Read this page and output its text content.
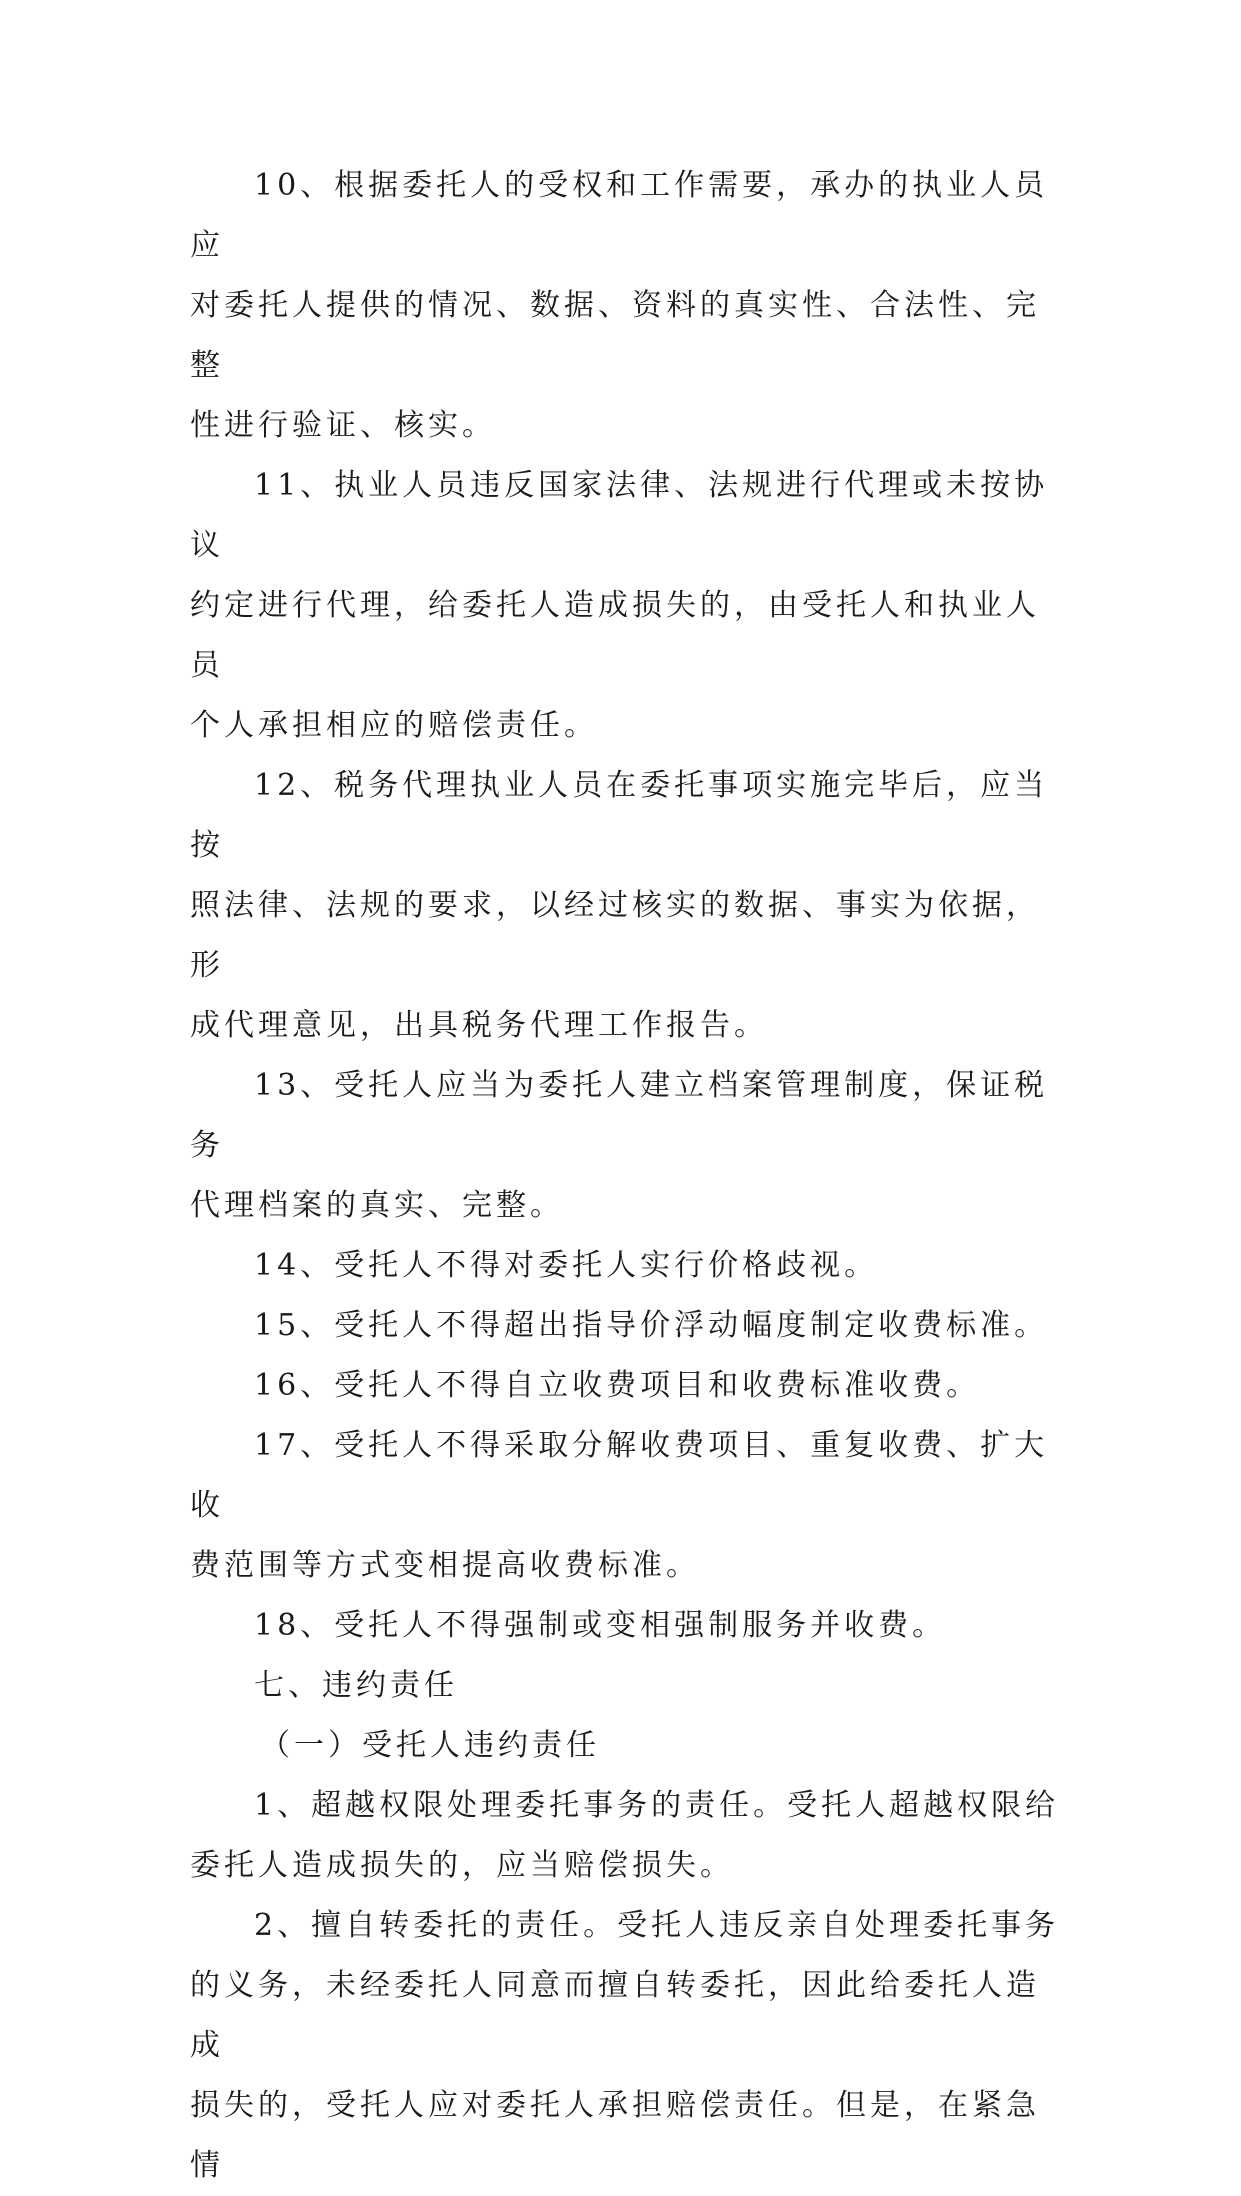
10、根据委托人的受权和工作需要，承办的执业人员应
对委托人提供的情况、数据、资料的真实性、合法性、完整
性进行验证、核实。

11、执业人员违反国家法律、法规进行代理或未按协议
约定进行代理，给委托人造成损失的，由受托人和执业人员
个人承担相应的赔偿责任。

12、税务代理执业人员在委托事项实施完毕后，应当按
照法律、法规的要求，以经过核实的数据、事实为依据，形
成代理意见，出具税务代理工作报告。

13、受托人应当为委托人建立档案管理制度，保证税务
代理档案的真实、完整。

14、受托人不得对委托人实行价格歧视。

15、受托人不得超出指导价浮动幅度制定收费标准。

16、受托人不得自立收费项目和收费标准收费。

17、受托人不得采取分解收费项目、重复收费、扩大收
费范围等方式变相提高收费标准。

18、受托人不得强制或变相强制服务并收费。

七、违约责任

（一）受托人违约责任

1、超越权限处理委托事务的责任。受托人超越权限给
委托人造成损失的，应当赔偿损失。

2、擅自转委托的责任。受托人违反亲自处理委托事务
的义务，未经委托人同意而擅自转委托，因此给委托人造成
损失的，受托人应对委托人承担赔偿责任。但是，在紧急情
